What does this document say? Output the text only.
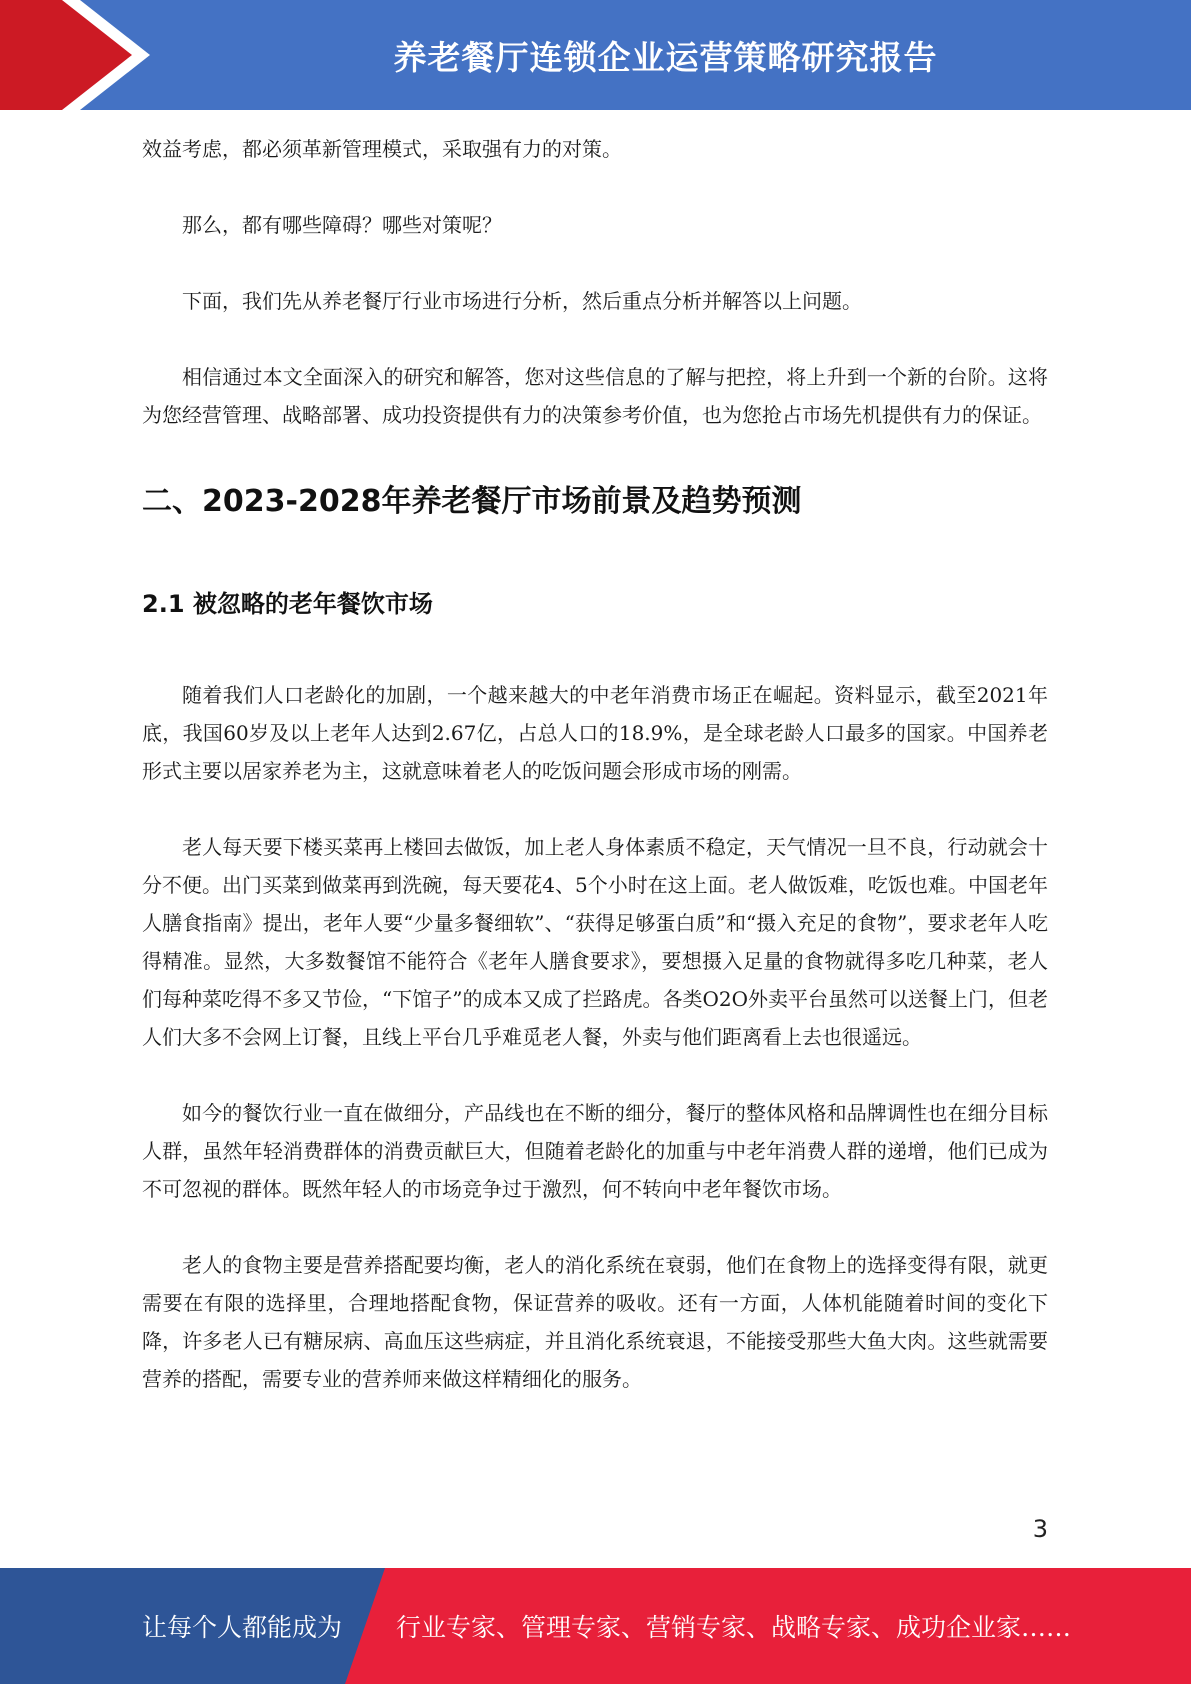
养老餐厅连锁企业运营策略研究报告

效益考虑，都必须革新管理模式，采取强有力的对策。

那么，都有哪些障碍？哪些对策呢？

下面，我们先从养老餐厅行业市场进行分析，然后重点分析并解答以上问题。

相信通过本文全面深入的研究和解答，您对这些信息的了解与把控，将上升到一个新的台阶。这将为您经营管理、战略部署、成功投资提供有力的决策参考价值，也为您抢占市场先机提供有力的保证。

二、2023-2028年养老餐厅市场前景及趋势预测
2.1 被忽略的老年餐饮市场

随着我们人口老龄化的加剧，一个越来越大的中老年消费市场正在崛起。资料显示，截至2021年底，我国60岁及以上老年人达到2.67亿，占总人口的18.9%，是全球老龄人口最多的国家。中国养老形式主要以居家养老为主，这就意味着老人的吃饭问题会形成市场的刚需。

老人每天要下楼买菜再上楼回去做饭，加上老人身体素质不稳定，天气情况一旦不良，行动就会十分不便。出门买菜到做菜再到洗碗，每天要花4、5个小时在这上面。老人做饭难，吃饭也难。中国老年人膳食指南》提出，老年人要“少量多餐细软”、“获得足够蛋白质”和“摄入充足的食物”，要求老年人吃得精准。显然，大多数餐馆不能符合《老年人膳食要求》，要想摄入足量的食物就得多吃几种菜，老人们每种菜吃得不多又节俭，“下馆子”的成本又成了拦路虎。各类O2O外卖平台虽然可以送餐上门，但老人们大多不会网上订餐，且线上平台几乎难觅老人餐，外卖与他们距离看上去也很遥远。

如今的餐饮行业一直在做细分，产品线也在不断的细分，餐厅的整体风格和品牌调性也在细分目标人群，虽然年轻消费群体的消费贡献巨大，但随着老龄化的加重与中老年消费人群的递增，他们已成为不可忽视的群体。既然年轻人的市场竞争过于激烈，何不转向中老年餐饮市场。

老人的食物主要是营养搭配要均衡，老人的消化系统在衰弱，他们在食物上的选择变得有限，就更需要在有限的选择里，合理地搭配食物，保证营养的吸收。还有一方面，人体机能随着时间的变化下降，许多老人已有糖尿病、高血压这些病症，并且消化系统衰退，不能接受那些大鱼大肉。这些就需要营养的搭配，需要专业的营养师来做这样精细化的服务。

3
让每个人都能成为 行业专家、管理专家、营销专家、战略专家、成功企业家……
